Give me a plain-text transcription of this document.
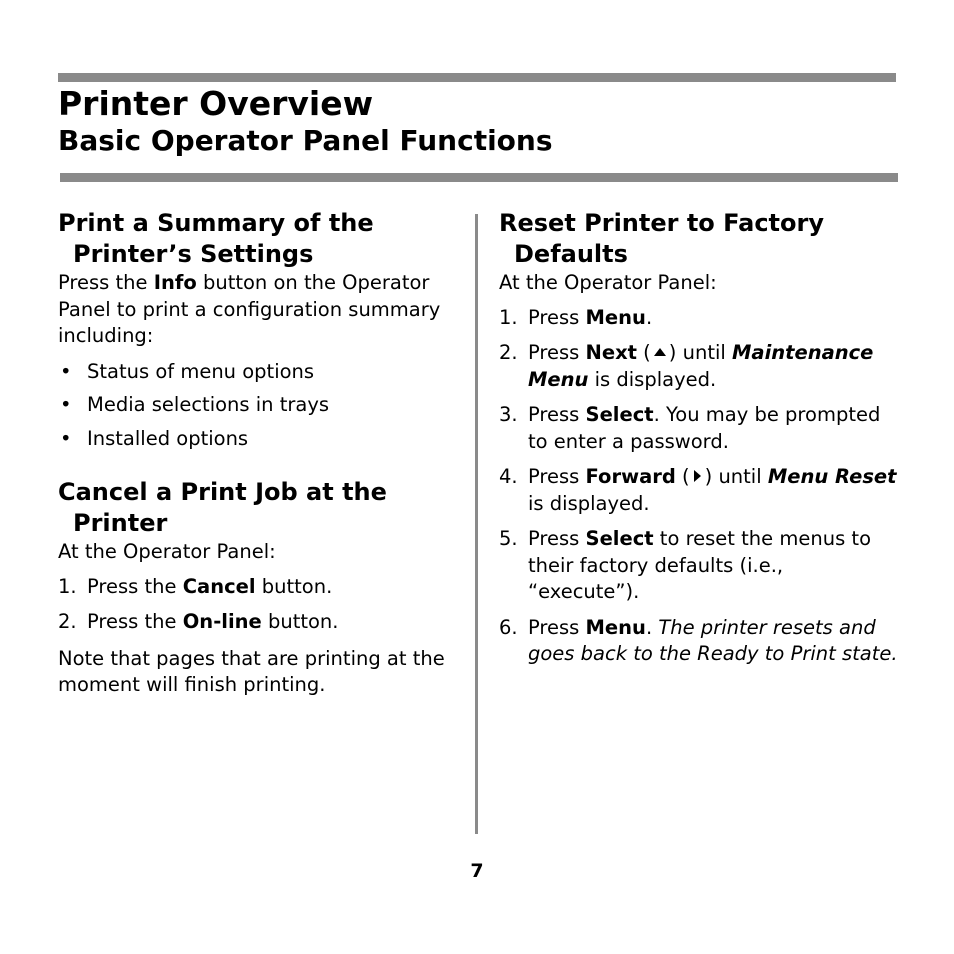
Printer Overview
Basic Operator Panel Functions
Print a Summary of the
Printer’s Settings

Press the Info button on the Operator Panel to print a configuration summary including:

• Status of menu options
• Media selections in trays
• Installed options
Cancel a Print Job at the
Printer

At the Operator Panel:

1. Press the Cancel button.
2. Press the On-line button.

Note that pages that are printing at the moment will finish printing.

Reset Printer to Factory
Defaults

At the Operator Panel:

1. Press Menu.
2. Press Next ( ) until Maintenance Menu is displayed.
3. Press Select. You may be prompted to enter a password.
4. Press Forward ( ) until Menu Reset is displayed.
5. Press Select to reset the menus to their factory defaults (i.e., “execute”).
6. Press Menu. The printer resets and goes back to the Ready to Print state.
7
